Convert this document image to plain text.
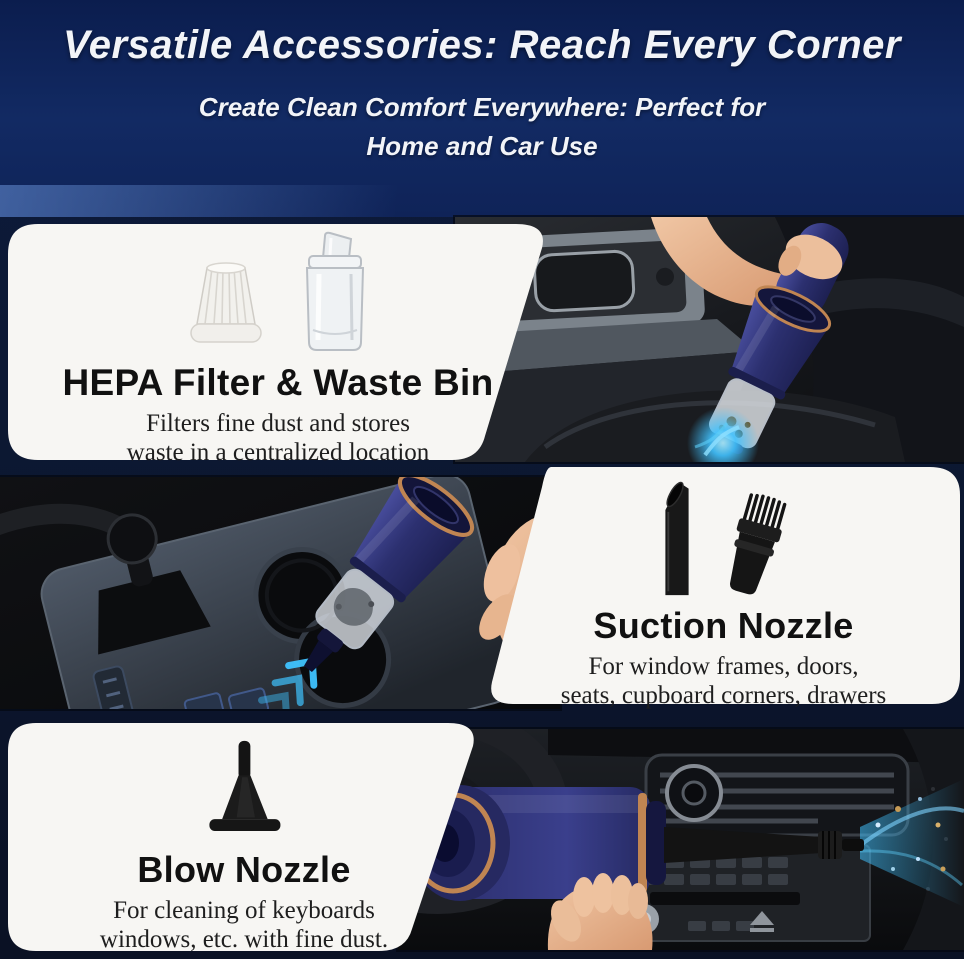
Versatile Accessories: Reach Every Corner

Create Clean Comfort Everywhere: Perfect for

Home and Car Use

HEPA Filter & Waste Bin

Filters fine dust and stores
waste in a centralized location

Suction Nozzle

For window frames, doors,
seats, cupboard corners, drawers

Blow Nozzle

For cleaning of keyboards
windows, etc. with fine dust.
